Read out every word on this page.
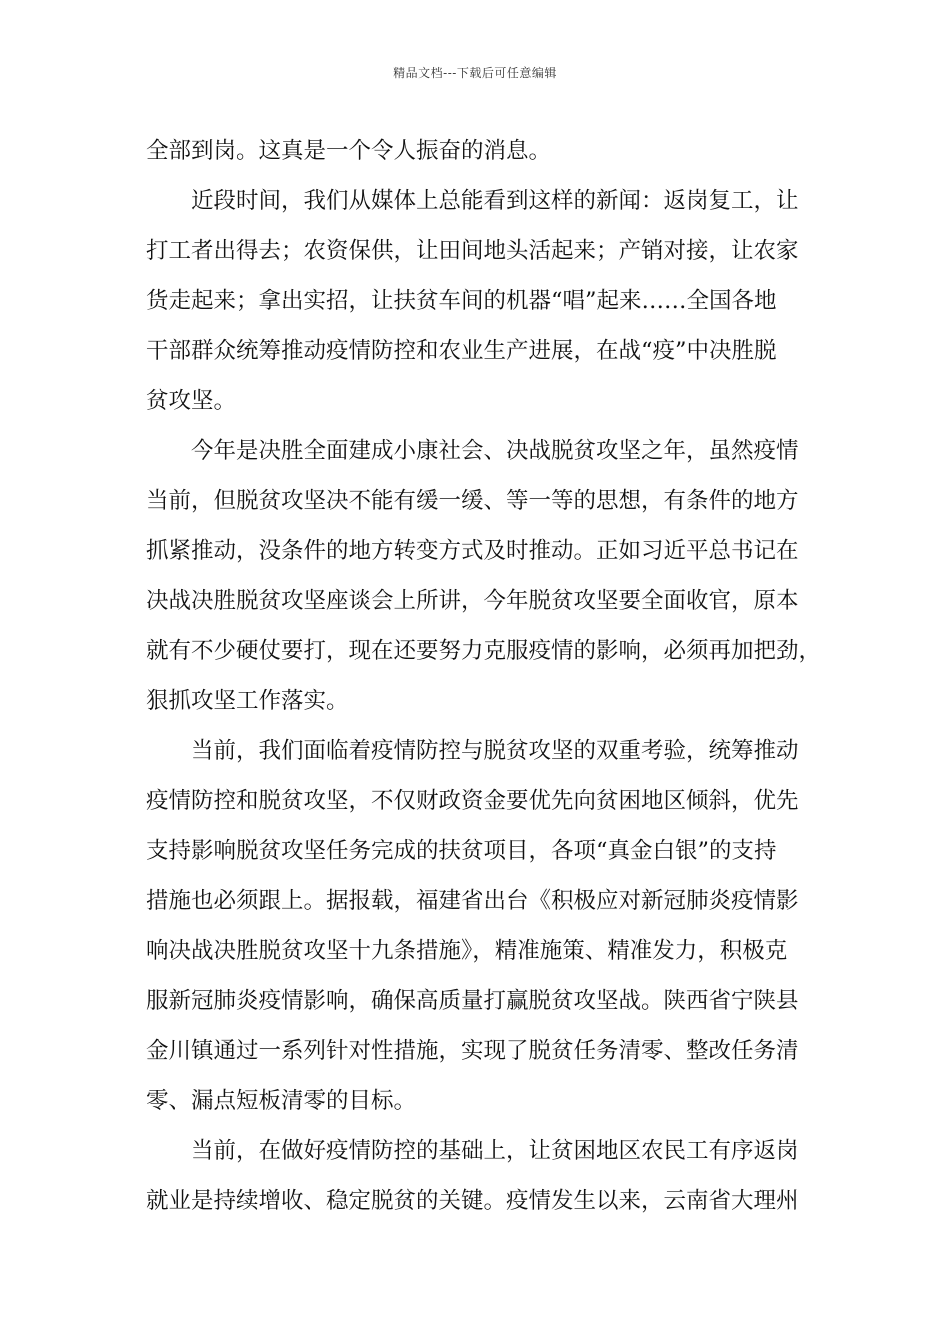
精品文档---下载后可任意编辑
全部到岗。这真是一个令人振奋的消息。
　　近段时间，我们从媒体上总能看到这样的新闻：返岗复工，让
打工者出得去；农资保供，让田间地头活起来；产销对接，让农家
货走起来；拿出实招，让扶贫车间的机器“唱”起来……全国各地
干部群众统筹推动疫情防控和农业生产进展，在战“疫”中决胜脱
贫攻坚。
　　今年是决胜全面建成小康社会、决战脱贫攻坚之年，虽然疫情
当前，但脱贫攻坚决不能有缓一缓、等一等的思想，有条件的地方
抓紧推动，没条件的地方转变方式及时推动。正如习近平总书记在
决战决胜脱贫攻坚座谈会上所讲，今年脱贫攻坚要全面收官，原本
就有不少硬仗要打，现在还要努力克服疫情的影响，必须再加把劲，
狠抓攻坚工作落实。
　　当前，我们面临着疫情防控与脱贫攻坚的双重考验，统筹推动
疫情防控和脱贫攻坚，不仅财政资金要优先向贫困地区倾斜，优先
支持影响脱贫攻坚任务完成的扶贫项目，各项“真金白银”的支持
措施也必须跟上。据报载，福建省出台《积极应对新冠肺炎疫情影
响决战决胜脱贫攻坚十九条措施》，精准施策、精准发力，积极克
服新冠肺炎疫情影响，确保高质量打赢脱贫攻坚战。陕西省宁陕县
金川镇通过一系列针对性措施，实现了脱贫任务清零、整改任务清
零、漏点短板清零的目标。
　　当前，在做好疫情防控的基础上，让贫困地区农民工有序返岗
就业是持续增收、稳定脱贫的关键。疫情发生以来，云南省大理州
